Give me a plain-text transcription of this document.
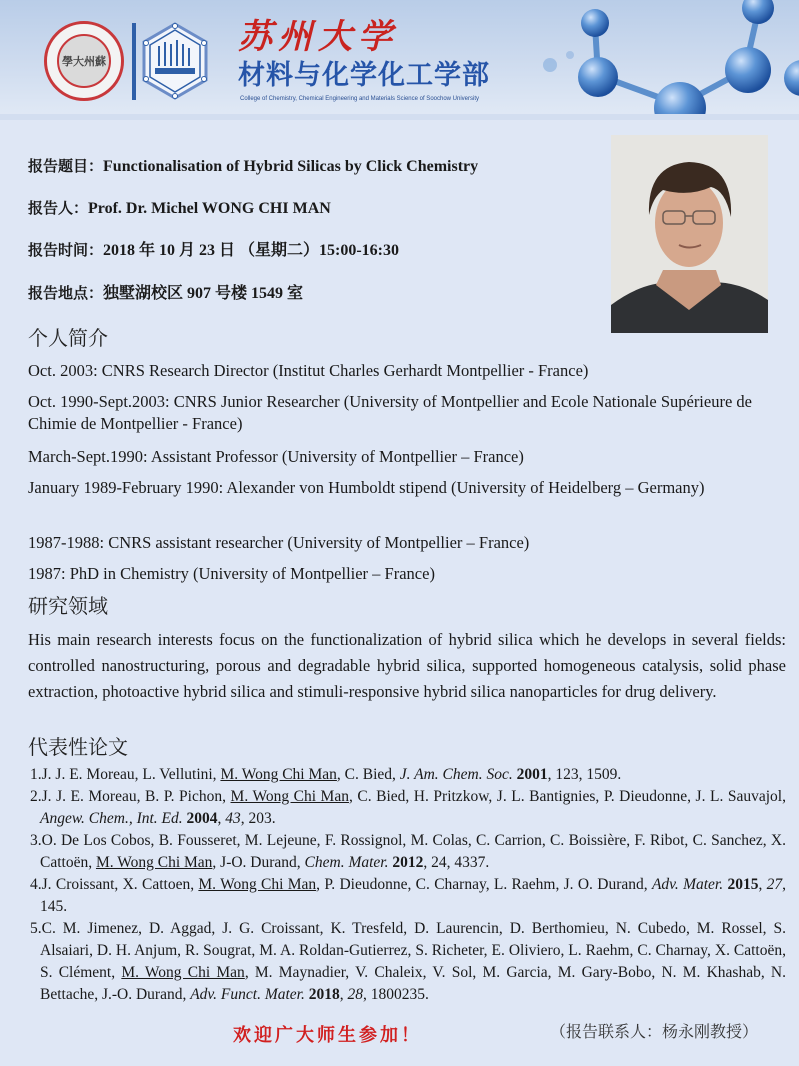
學大州蘇
苏州大学
材料与化学化工学部
College of Chemistry, Chemical Engineering and Materials Science of Soochow University
报告题目：Functionalisation of Hybrid Silicas by Click Chemistry
报告人：Prof. Dr. Michel WONG CHI MAN
报告时间：2018 年 10 月 23 日 （星期二）15:00-16:30
报告地点：独墅湖校区 907 号楼 1549 室
个人简介
Oct. 2003: CNRS Research Director (Institut Charles Gerhardt Montpellier - France)
Oct. 1990-Sept.2003: CNRS Junior Researcher (University of Montpellier and Ecole Nationale Supérieure de Chimie de Montpellier - France)
March-Sept.1990: Assistant Professor (University of Montpellier – France)
January 1989-February 1990: Alexander von Humboldt stipend (University of Heidelberg – Germany)
1987-1988: CNRS assistant researcher (University of Montpellier – France)
1987: PhD in Chemistry (University of Montpellier – France)
研究领域
His main research interests focus on the functionalization of hybrid silica which he develops in several fields: controlled nanostructuring, porous and degradable hybrid silica, supported homogeneous catalysis, solid phase extraction, photoactive hybrid silica and stimuli-responsive hybrid silica nanoparticles for drug delivery.
代表性论文
1.J. J. E. Moreau, L. Vellutini, M. Wong Chi Man, C. Bied, J. Am. Chem. Soc. 2001, 123, 1509.
2.J. J. E. Moreau, B. P. Pichon, M. Wong Chi Man, C. Bied, H. Pritzkow, J. L. Bantignies, P. Dieudonne, J. L. Sauvajol, Angew. Chem., Int. Ed. 2004, 43, 203.
3.O. De Los Cobos, B. Fousseret, M. Lejeune, F. Rossignol, M. Colas, C. Carrion, C. Boissière, F. Ribot, C. Sanchez, X. Cattoën, M. Wong Chi Man, J-O. Durand, Chem. Mater. 2012, 24, 4337.
4.J. Croissant, X. Cattoen, M. Wong Chi Man, P. Dieudonne, C. Charnay, L. Raehm, J. O. Durand, Adv. Mater. 2015, 27, 145.
5.C. M. Jimenez, D. Aggad, J. G. Croissant, K. Tresfeld, D. Laurencin, D. Berthomieu, N. Cubedo, M. Rossel, S. Alsaiari, D. H. Anjum, R. Sougrat, M. A. Roldan-Gutierrez, S. Richeter, E. Oliviero, L. Raehm, C. Charnay, X. Cattoën, S. Clément, M. Wong Chi Man, M. Maynadier, V. Chaleix, V. Sol, M. Garcia, M. Gary-Bobo, N. M. Khashab, N. Bettache, J.-O. Durand, Adv. Funct. Mater. 2018, 28, 1800235.
欢迎广大师生参加！	（报告联系人：杨永刚教授）
